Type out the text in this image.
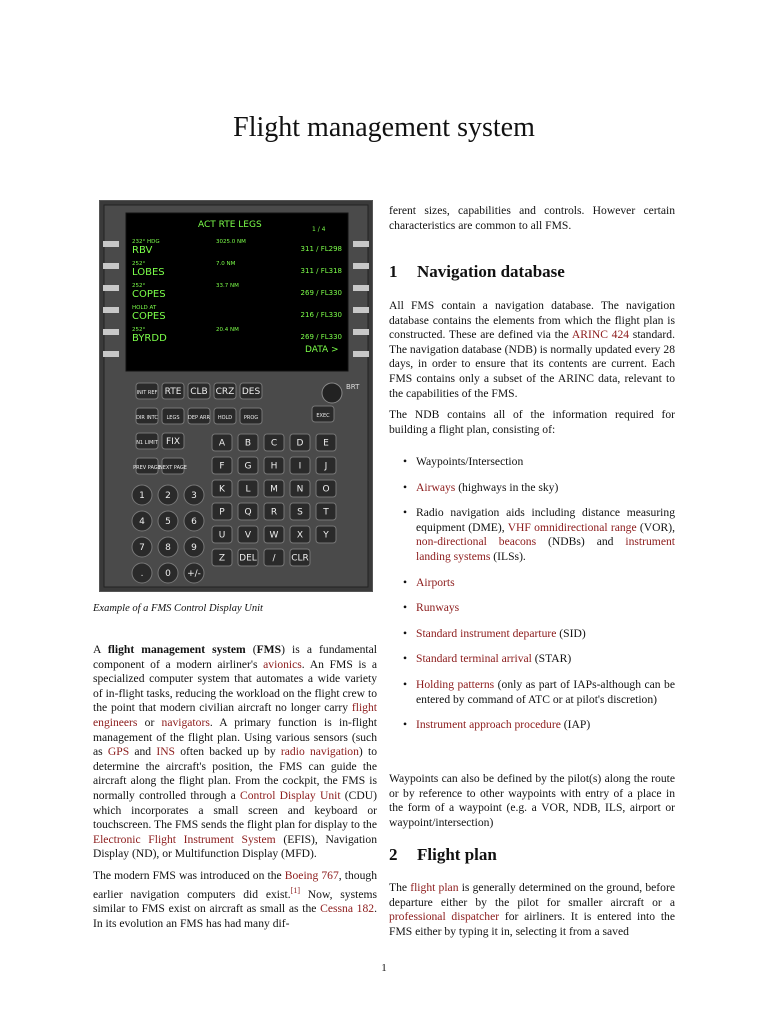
Flight management system
ACT RTE LEGS	1 / 4
232° HDG	3025.0 NM
RBV	311 / FL298
252°	7.0 NM
LOBES	311 / FL318
252°	33.7 NM
COPES	269 / FL330
HOLD AT
COPES	216 / FL330
252°	20.4 NM
BYRDD	269 / FL330
DATA >
BRT
INIT REF RTE CLB CRZ DES
DIR INTC LEGS DEP ARR HOLD PROG	EXEC
N1 LIMIT FIX
PREV PAGE
NEXT PAGE
A B C D E
F G H I	J
K L M N O
P Q R S T
U V W X Y
Z DEL / CLR
1 2 3
4 5 6
7 8 9
. 0 +/-
Example of a FMS Control Display Unit

A flight management system (FMS) is a fundamental component of a modern airliner's avionics. An FMS is a specialized computer system that automates a wide variety of in-flight tasks, reducing the workload on the flight crew to the point that modern civilian aircraft no longer carry flight engineers or navigators. A primary function is in-flight management of the flight plan. Using various sensors (such as GPS and INS often backed up by radio navigation) to determine the aircraft's position, the FMS can guide the aircraft along the flight plan. From the cockpit, the FMS is normally controlled through a Control Display Unit (CDU) which incorporates a small screen and keyboard or touchscreen. The FMS sends the flight plan for display to the Electronic Flight Instrument System (EFIS), Navigation Display (ND), or Multifunction Display (MFD).

The modern FMS was introduced on the Boeing 767, though earlier navigation computers did exist.[1] Now, systems similar to FMS exist on aircraft as small as the Cessna 182. In its evolution an FMS has had many dif-

ferent sizes, capabilities and controls. However certain characteristics are common to all FMS.
1 Navigation database

All FMS contain a navigation database. The navigation database contains the elements from which the flight plan is constructed. These are defined via the ARINC 424 standard. The navigation database (NDB) is normally updated every 28 days, in order to ensure that its contents are current. Each FMS contains only a subset of the ARINC data, relevant to the capabilities of the FMS.

The NDB contains all of the information required for building a flight plan, consisting of:

• Waypoints/Intersection
• Airways (highways in the sky)
• Radio navigation aids including distance measuring equipment (DME), VHF omnidirectional range (VOR), non-directional beacons (NDBs) and instrument landing systems (ILSs).
• Airports
• Runways
• Standard instrument departure (SID)
• Standard terminal arrival (STAR)
• Holding patterns (only as part of IAPs-although can be entered by command of ATC or at pilot's discretion)
• Instrument approach procedure (IAP)
Waypoints can also be defined by the pilot(s) along the route or by reference to other waypoints with entry of a place in the form of a waypoint (e.g. a VOR, NDB, ILS, airport or waypoint/intersection)
2 Flight plan

The flight plan is generally determined on the ground, before departure either by the pilot for smaller aircraft or a professional dispatcher for airliners. It is entered into the FMS either by typing it in, selecting it from a saved

1
